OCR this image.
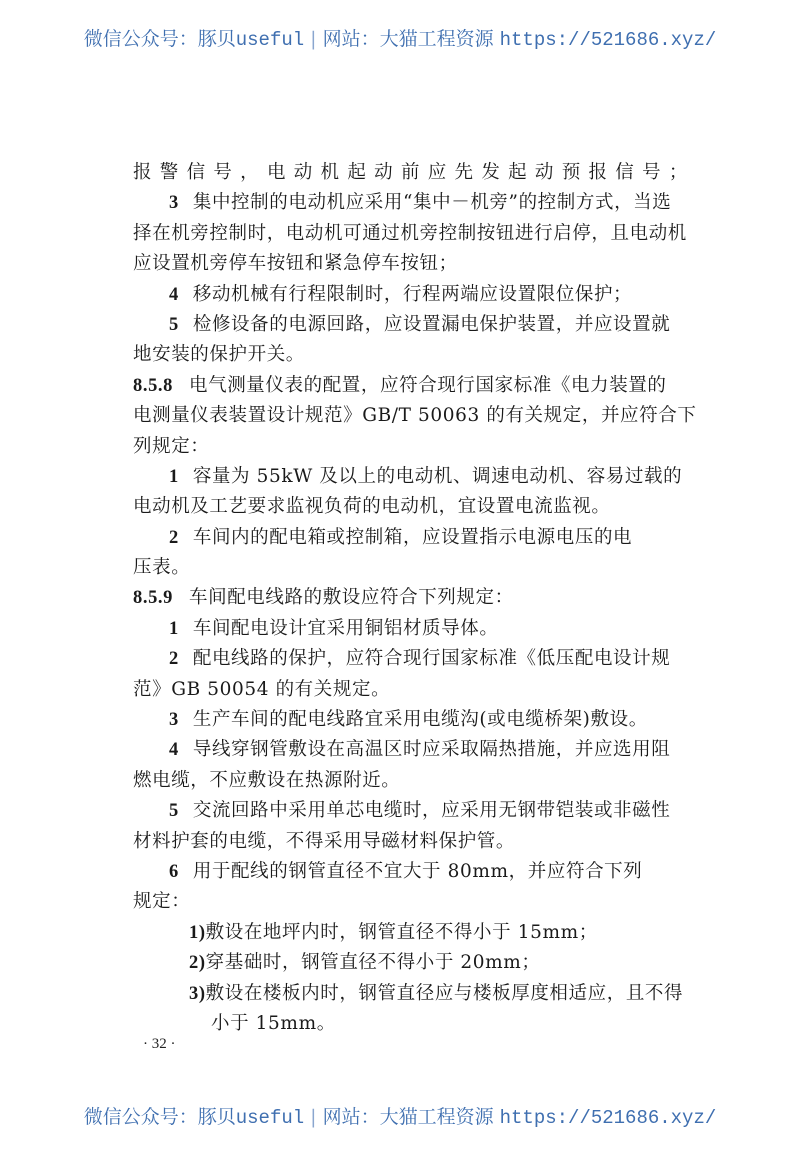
微信公众号：豚贝useful | 网站：大猫工程资源 https://521686.xyz/
报警信号，电动机起动前应先发起动预报信号；
3 集中控制的电动机应采用“集中－机旁”的控制方式，当选
择在机旁控制时，电动机可通过机旁控制按钮进行启停，且电动机
应设置机旁停车按钮和紧急停车按钮；
4 移动机械有行程限制时，行程两端应设置限位保护；
5 检修设备的电源回路，应设置漏电保护装置，并应设置就
地安装的保护开关。
8.5.8 电气测量仪表的配置，应符合现行国家标准《电力装置的
电测量仪表装置设计规范》GB/T 50063 的有关规定，并应符合下
列规定：
1 容量为 55kW 及以上的电动机、调速电动机、容易过载的
电动机及工艺要求监视负荷的电动机，宜设置电流监视。
2 车间内的配电箱或控制箱，应设置指示电源电压的电
压表。
8.5.9 车间配电线路的敷设应符合下列规定：
1 车间配电设计宜采用铜铝材质导体。
2 配电线路的保护，应符合现行国家标准《低压配电设计规
范》GB 50054 的有关规定。
3 生产车间的配电线路宜采用电缆沟(或电缆桥架)敷设。
4 导线穿钢管敷设在高温区时应采取隔热措施，并应选用阻
燃电缆，不应敷设在热源附近。
5 交流回路中采用单芯电缆时，应采用无钢带铠装或非磁性
材料护套的电缆，不得采用导磁材料保护管。
6 用于配线的钢管直径不宜大于 80mm，并应符合下列
规定：
1)敷设在地坪内时，钢管直径不得小于 15mm；
2)穿基础时，钢管直径不得小于 20mm；
3)敷设在楼板内时，钢管直径应与楼板厚度相适应，且不得
小于 15mm。
· 32 ·
微信公众号：豚贝useful | 网站：大猫工程资源 https://521686.xyz/
